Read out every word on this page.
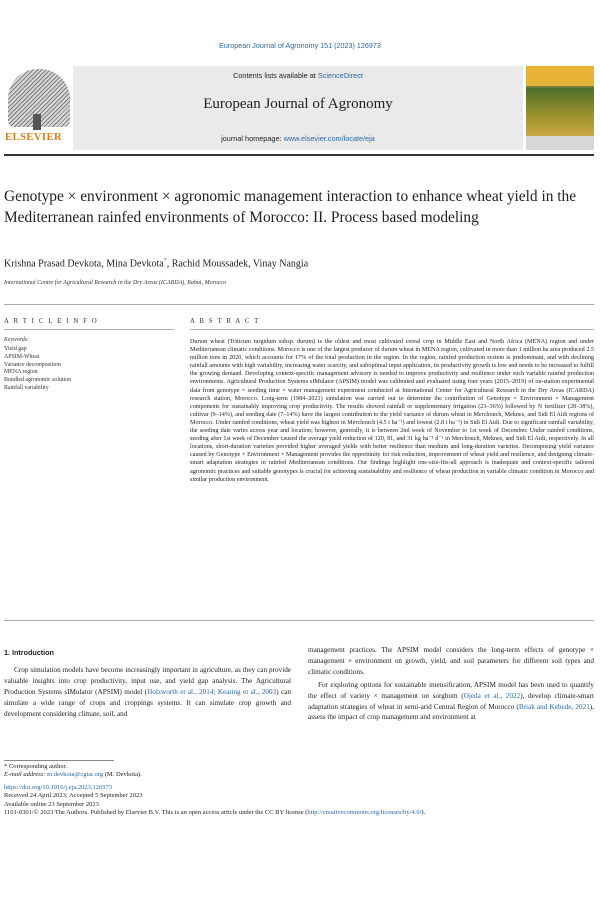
European Journal of Agronomy 151 (2023) 126973
ELSEVIER
Contents lists available at ScienceDirect
European Journal of Agronomy
journal homepage: www.elsevier.com/locate/eja
Genotype × environment × agronomic management interaction to enhance wheat yield in the Mediterranean rainfed environments of Morocco: II. Process based modeling
Krishna Prasad Devkota, Mina Devkota*, Rachid Moussadek, Vinay Nangia
International Centre for Agricultural Research in the Dry Areas (ICARDA), Rabat, Morocco
A R T I C L E I N F O	A B S T R A C T
Keywords:
Yield gap
APSIM-Wheat
Variance decomposition
MENA region
Bundled agronomic solution
Rainfall variability
Durum wheat (Triticum turgidum subsp. durum) is the oldest and most cultivated cereal crop in Middle East and North Africa (MENA) region and under Mediterranean climatic conditions. Morocco is one of the largest producer of durum wheat in MENA region, cultivated in more than 1 million ha area produced 2.5 million tons in 2020, which accounts for 17% of the total production in the region. In the region, rainfed production system is predominant, and with declining rainfall amounts with high variability, increasing water scarcity, and suboptimal input application, its productivity growth is low and needs to be increased to fulfill the growing demand. Developing context-specific management advisory is needed to improve productivity and resilience under such variable rainfed production environments. Agricultural Production Systems sIMulator (APSIM) model was calibrated and evaluated using four years (2015–2019) of on-station experimental data from genotype × seeding time × water management experiment conducted at International Center for Agricultural Research in the Dry Areas (ICARDA) research station, Morocco. Long-term (1984–2021) simulation was carried out to determine the contribution of Genotype × Environment × Management components for sustainably improving crop productivity. The results showed rainfall or supplementary irrigation (23–36%) followed by N fertilizer (28–38%), cultivar (9–14%), and seeding date (7–14%) have the largest contribution to the yield variance of durum wheat in Merchouch, Meknes, and Sidi El Aidi regions of Morocco. Under rainfed conditions, wheat yield was highest in Merchouch (4.5 t ha⁻¹) and lowest (2.8 t ha⁻¹) in Sidi El Aidi. Due to significant rainfall variability, the seeding date varies across year and location; however, generally, it is between 2nd week of November to 1st week of December. Under rainfed conditions, seeding after 1st week of December caused the average yield reduction of 120, 81, and 31 kg ha⁻¹ d⁻¹ in Merchouch, Meknes, and Sidi El Aidi, respectively. In all locations, short-duration varieties provided higher averaged yields with better resilience than medium and long-duration varieties. Decomposing yield variance caused by Genotype × Environment × Management provides the opportunity for risk reduction, improvement of wheat yield and resilience, and designing climate-smart adaptation strategies in rainfed Mediterranean conditions. Our findings highlight one-size-fits-all approach is inadequate and context-specific tailored agronomic practices and suitable genotypes is crucial for achieving sustainability and resilience of wheat production in variable climatic condition in Morocco and similar production environment.
1. Introduction
Crop simulation models have become increasingly important in agriculture, as they can provide valuable insights into crop productivity, input use, and yield gap analysis. The Agricultural Production Systems sIMulator (APSIM) model (Holzworth et al., 2014; Keating et al., 2003) can simulate a wide range of crops and croppings systems. It can simulate crop growth and development considering climate, soil, and

management practices. The APSIM model considers the long-term effects of genotype × management × environment on growth, yield, and soil parameters for different soil types and climatic conditions.

For exploring options for sustainable intensification, APSIM model has been used to quantify the effect of variety × management on sorghum (Ojeda et al., 2022), develop climate-smart adaptation strategies of wheat in semi-arid Central Region of Morocco (Briak and Kebede, 2021), assess the impact of crop management and environment at

* Corresponding author.
E-mail address: m.devkota@cgiar.org (M. Devkota).
https://doi.org/10.1016/j.eja.2023.126973
Received 24 April 2023; Accepted 5 September 2023
Available online 23 September 2023
1161-0301/© 2023 The Authors. Published by Elsevier B.V. This is an open access article under the CC BY license (http://creativecommons.org/licenses/by/4.0/).
